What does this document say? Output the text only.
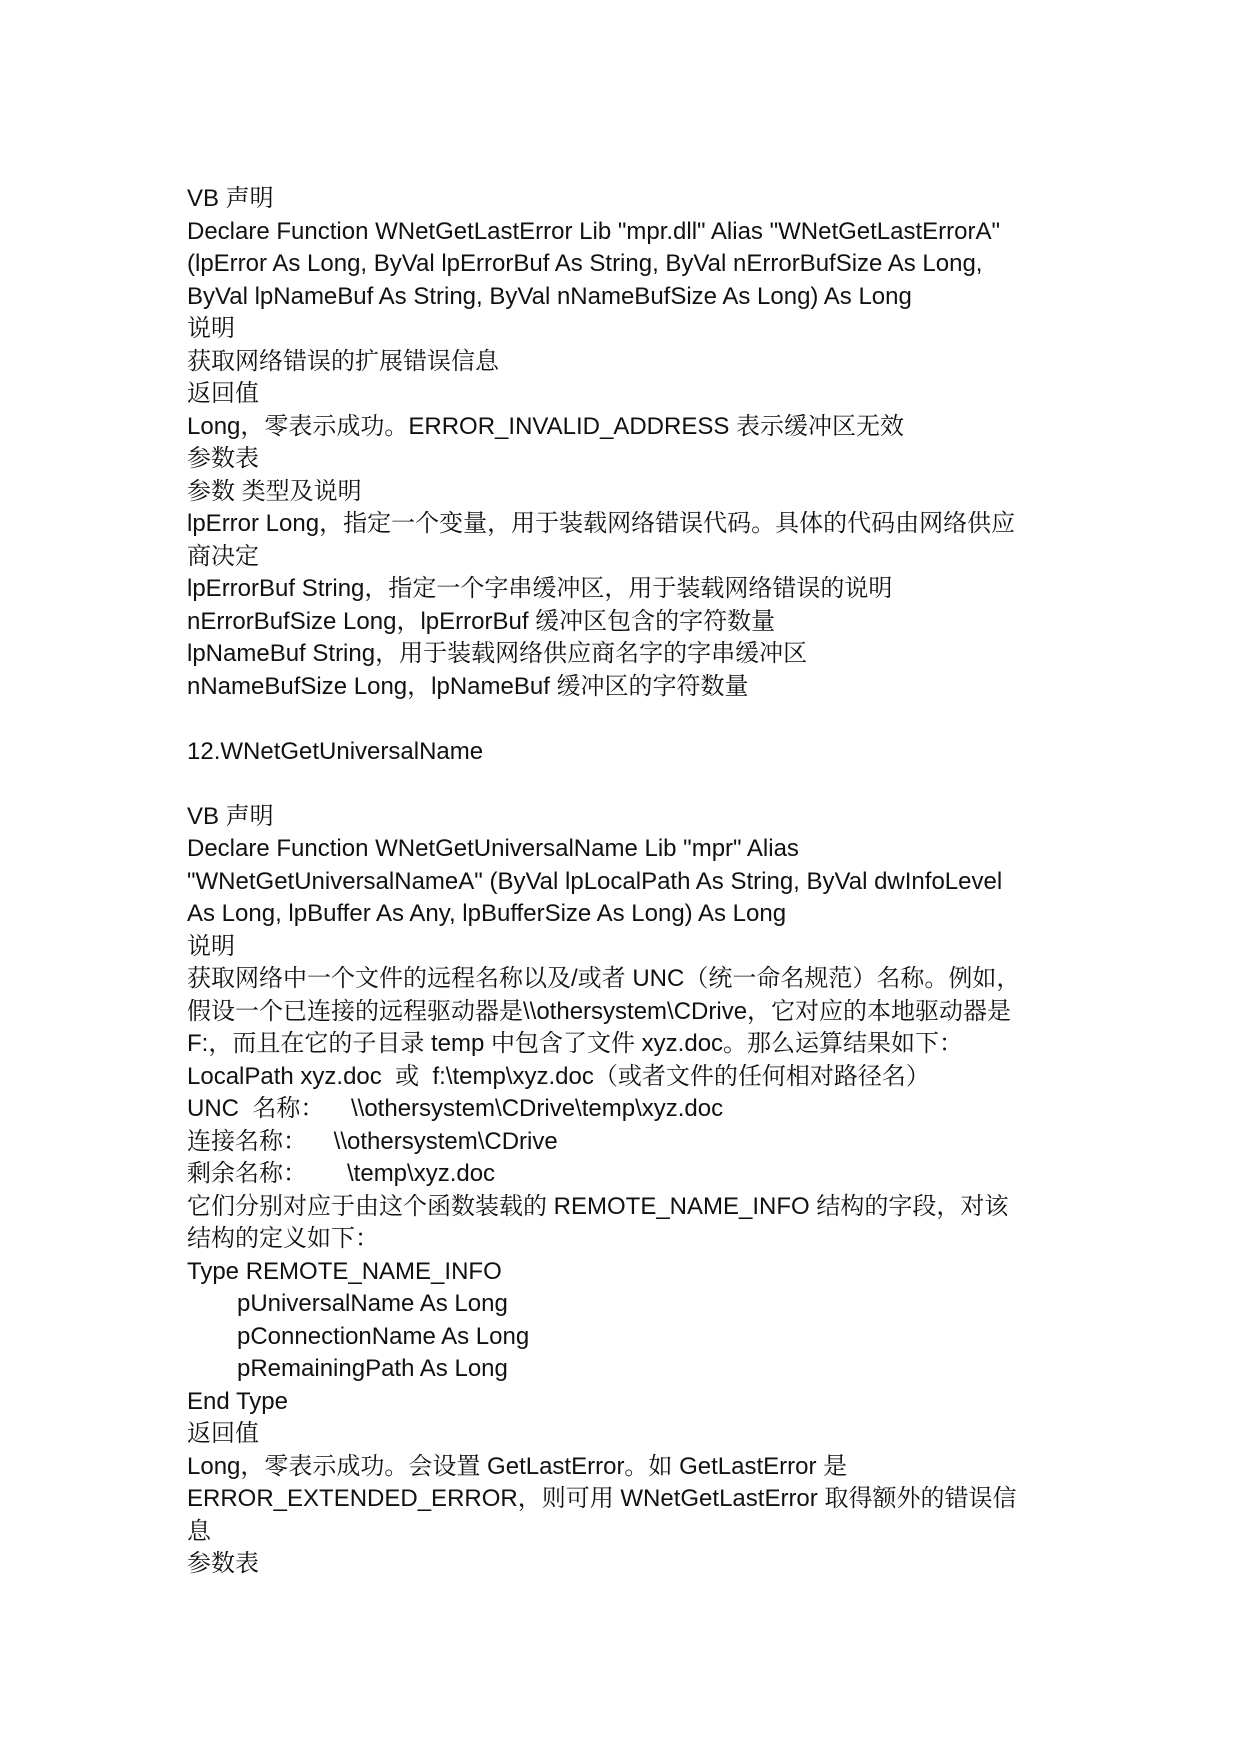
VB 声明

Declare Function WNetGetLastError Lib "mpr.dll" Alias "WNetGetLastErrorA"

(lpError As Long, ByVal lpErrorBuf As String, ByVal nErrorBufSize As Long,

ByVal lpNameBuf As String, ByVal nNameBufSize As Long) As Long

说明

获取网络错误的扩展错误信息

返回值

Long，零表示成功。ERROR_INVALID_ADDRESS 表示缓冲区无效

参数表

参数 类型及说明

lpError Long，指定一个变量，用于装载网络错误代码。具体的代码由网络供应

商决定

lpErrorBuf String，指定一个字串缓冲区，用于装载网络错误的说明

nErrorBufSize Long，lpErrorBuf 缓冲区包含的字符数量

lpNameBuf String，用于装载网络供应商名字的字串缓冲区

nNameBufSize Long，lpNameBuf 缓冲区的字符数量

12.WNetGetUniversalName

VB 声明

Declare Function WNetGetUniversalName Lib "mpr" Alias

"WNetGetUniversalNameA" (ByVal lpLocalPath As String, ByVal dwInfoLevel

As Long, lpBuffer As Any, lpBufferSize As Long) As Long

说明

获取网络中一个文件的远程名称以及/或者 UNC（统一命名规范）名称。例如，

假设一个已连接的远程驱动器是\\othersystem\CDrive，它对应的本地驱动器是

F:，而且在它的子目录 temp 中包含了文件 xyz.doc。那么运算结果如下：

LocalPath xyz.doc  或  f:\temp\xyz.doc（或者文件的任何相对路径名）

UNC  名称：    \\othersystem\CDrive\temp\xyz.doc

连接名称：    \\othersystem\CDrive

剩余名称：      \temp\xyz.doc

它们分别对应于由这个函数装载的 REMOTE_NAME_INFO 结构的字段，对该

结构的定义如下：

Type REMOTE_NAME_INFO

pUniversalName As Long

pConnectionName As Long

pRemainingPath As Long

End Type

返回值

Long，零表示成功。会设置 GetLastError。如 GetLastError 是

ERROR_EXTENDED_ERROR，则可用 WNetGetLastError 取得额外的错误信

息

参数表
